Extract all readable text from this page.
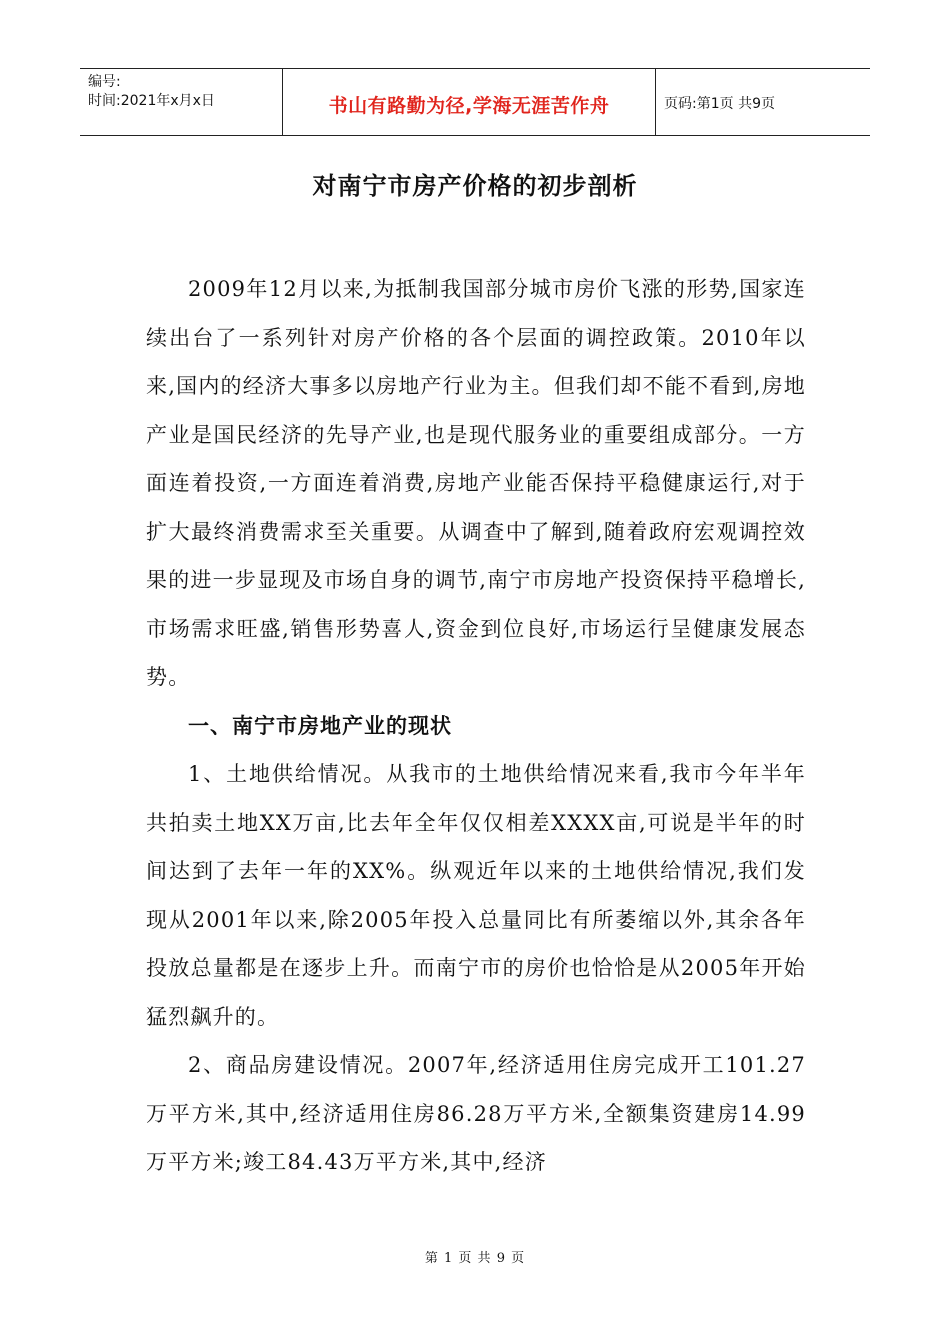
编号:
时间:2021年x月x日	书山有路勤为径,学海无涯苦作舟	页码:第1页 共9页
对南宁市房产价格的初步剖析

2009年12月以来,为抵制我国部分城市房价飞涨的形势,国家连续出台了一系列针对房产价格的各个层面的调控政策。2010年以来,国内的经济大事多以房地产行业为主。但我们却不能不看到,房地产业是国民经济的先导产业,也是现代服务业的重要组成部分。一方面连着投资,一方面连着消费,房地产业能否保持平稳健康运行,对于扩大最终消费需求至关重要。从调查中了解到,随着政府宏观调控效果的进一步显现及市场自身的调节,南宁市房地产投资保持平稳增长,市场需求旺盛,销售形势喜人,资金到位良好,市场运行呈健康发展态势。

一、南宁市房地产业的现状

1、土地供给情况。从我市的土地供给情况来看,我市今年半年共拍卖土地XX万亩,比去年全年仅仅相差XXXX亩,可说是半年的时间达到了去年一年的XX%。纵观近年以来的土地供给情况,我们发现从2001年以来,除2005年投入总量同比有所萎缩以外,其余各年投放总量都是在逐步上升。而南宁市的房价也恰恰是从2005年开始猛烈飙升的。

2、商品房建设情况。2007年,经济适用住房完成开工101.27万平方米,其中,经济适用住房86.28万平方米,全额集资建房14.99万平方米;竣工84.43万平方米,其中,经济

第 1 页 共 9 页
